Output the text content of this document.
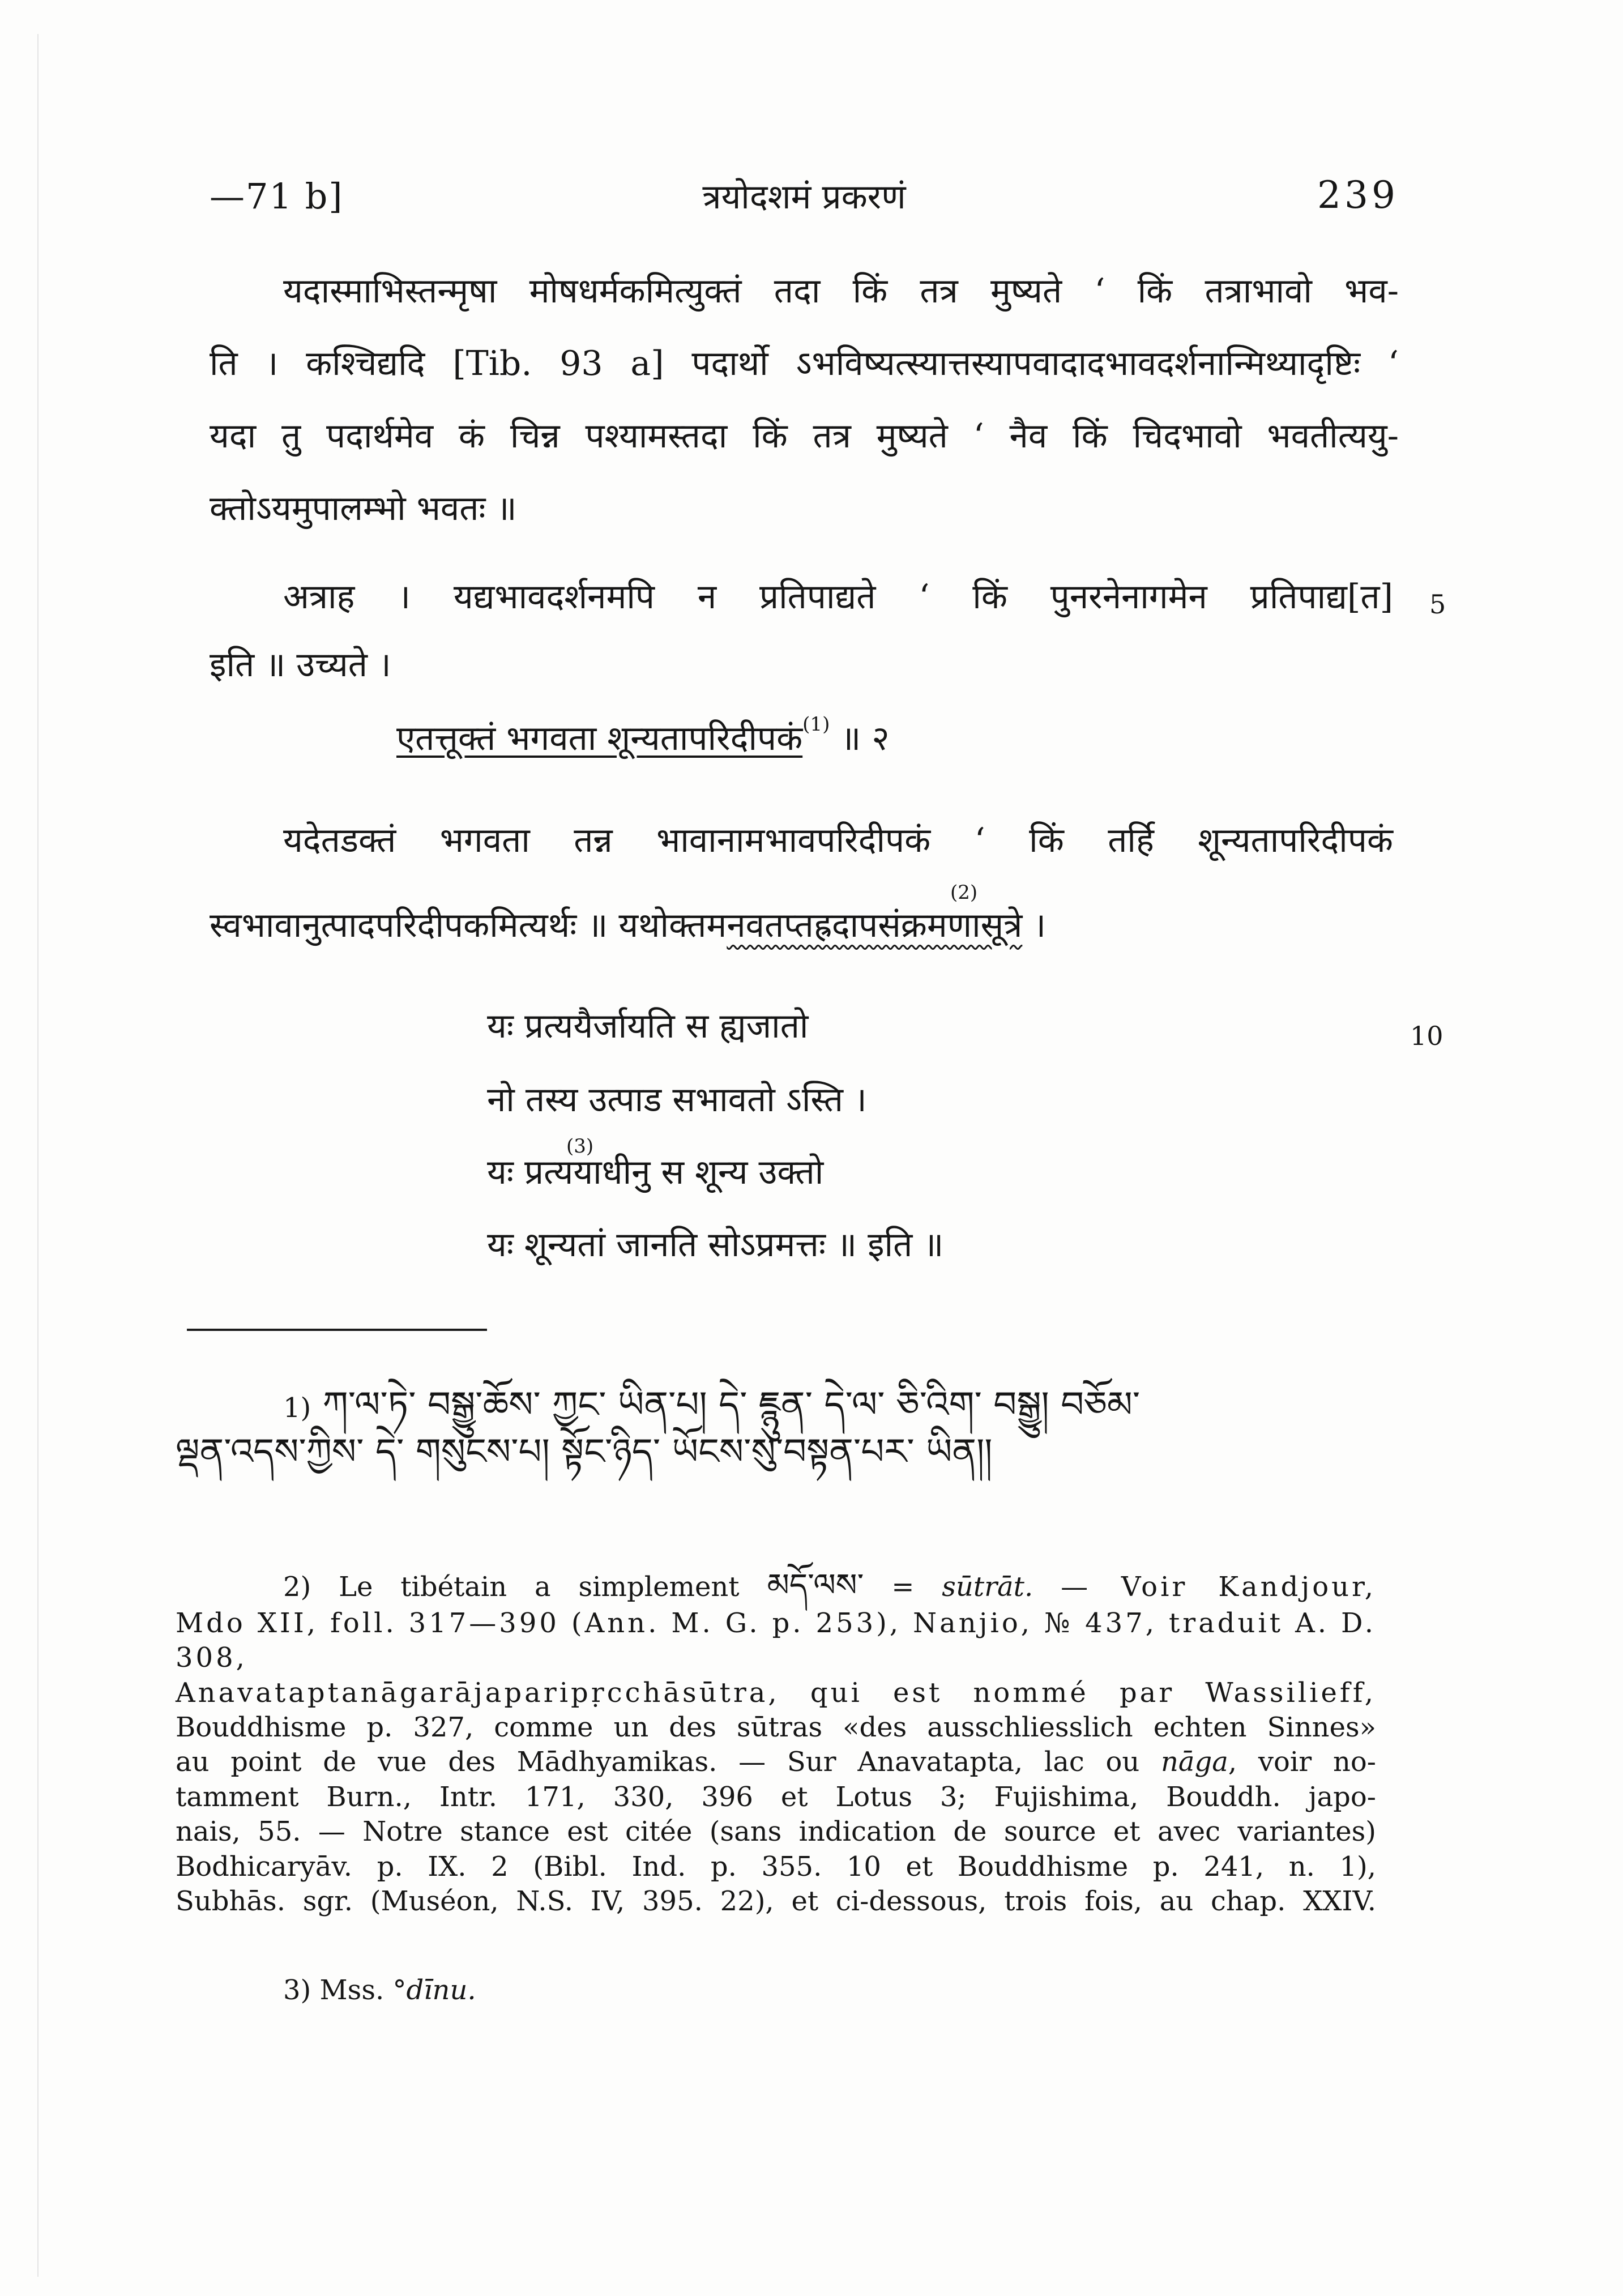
—71 b]	त्रयोदशमं प्रकरणं	239
यदास्माभिस्तन्मृषा मोषधर्मकमित्युक्तं तदा किं तत्र मुष्यते ‘ किं तत्राभावो भव-
ति । कश्चिद्यदि [Tib. 93 a] पदार्थो ऽभविष्यत्स्यात्तस्यापवादादभावदर्शनान्मिथ्यादृष्टिः ‘
यदा तु पदार्थमेव कं चिन्न पश्यामस्तदा किं तत्र मुष्यते ‘ नैव किं चिदभावो भवतीत्ययु-
क्तोऽयमुपालम्भो भवतः ॥
अत्राह । यद्यभावदर्शनमपि न प्रतिपाद्यते ‘ किं पुनरनेनागमेन प्रतिपाद्य[त] 5
इति ॥ उच्यते ।
एतत्तूक्तं भगवता शून्यतापरिदीपकं$^{(1)}$ ॥ २
यदेतडक्तं भगवता तन्न भावानामभावपरिदीपकं ‘ किं तर्हि शून्यतापरिदीपकं
स्वभावानुत्पादपरिदीपकमित्यर्थः ॥ यथोक्तमनवतप्तह्रदापसंक्रमणासूत्रे ।
(2)
यः प्रत्ययैर्जायति स ह्यजातो	10
नो तस्य उत्पाड सभावतो ऽस्ति ।
(3)
यः प्रत्ययाधीनु स शून्य उक्तो
यः शून्यतां जानति सोऽप्रमत्तः ॥ इति ॥
1) ཀ་ལ་ཏེ་ བསྒྱུ་ཆོས་ ཀྱང་ ཡིན་པ། དེ་ ཇྙུན་ དེ་ལ་ ཅི་འིག་ བསྒྱུ། བཅོམ་
ལྡན་འདས་ཀྱིས་ དེ་ གསུངས་པ། སྟོང་ཉིད་ ཡོངས་སུ་བསྟན་པར་ ཡིན།།
2) Le tibétain a simplement མདོ་ལས་ = sūtrāt. — Voir Kandjour,
Mdo XII, foll. 317—390 (Ann. M. G. p. 253), Nanjio, № 437, traduit A. D. 308,
Anavataptanāgarājaparipṛcchāsūtra, qui est nommé par Wassilieff,
Bouddhisme p. 327, comme un des sūtras «des ausschliesslich echten Sinnes»
au point de vue des Mādhyamikas. — Sur Anavatapta, lac ou nāga, voir no-
tamment Burn., Intr. 171, 330, 396 et Lotus 3; Fujishima, Bouddh. japo-
nais, 55. — Notre stance est citée (sans indication de source et avec variantes)
Bodhicaryāv. p. IX. 2 (Bibl. Ind. p. 355. 10 et Bouddhisme p. 241, n. 1),
Subhās. sgr. (Muséon, N.S. IV, 395. 22), et ci-dessous, trois fois, au chap. XXIV.
3) Mss. °dīnu.
